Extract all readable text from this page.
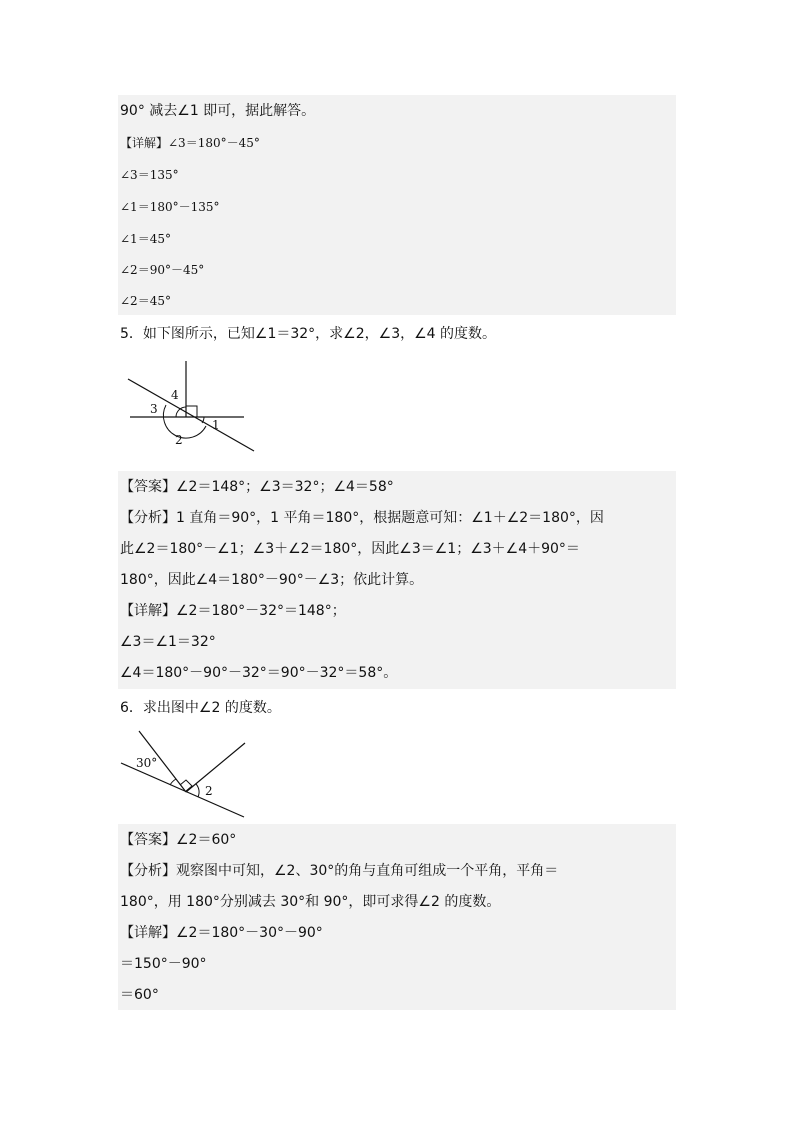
90° 减去∠1 即可，据此解答。
【详解】∠3＝180°－45°
∠3＝135°
∠1＝180°－135°
∠1＝45°
∠2＝90°－45°
∠2＝45°
5．如下图所示，已知∠1＝32°，求∠2，∠3，∠4 的度数。
4
3
2
1
【答案】∠2＝148°；∠3＝32°；∠4＝58°
【分析】1 直角＝90°，1 平角＝180°，根据题意可知：∠1＋∠2＝180°，因
此∠2＝180°－∠1；∠3＋∠2＝180°，因此∠3＝∠1；∠3＋∠4＋90°＝
180°，因此∠4＝180°－90°－∠3；依此计算。
【详解】∠2＝180°－32°＝148°；
∠3＝∠1＝32°
∠4＝180°－90°－32°＝90°－32°＝58°。
6．求出图中∠2 的度数。
30°
2
【答案】∠2＝60°
【分析】观察图中可知，∠2、30°的角与直角可组成一个平角，平角＝
180°，用 180°分别减去 30°和 90°，即可求得∠2 的度数。
【详解】∠2＝180°－30°－90°
＝150°－90°
＝60°
